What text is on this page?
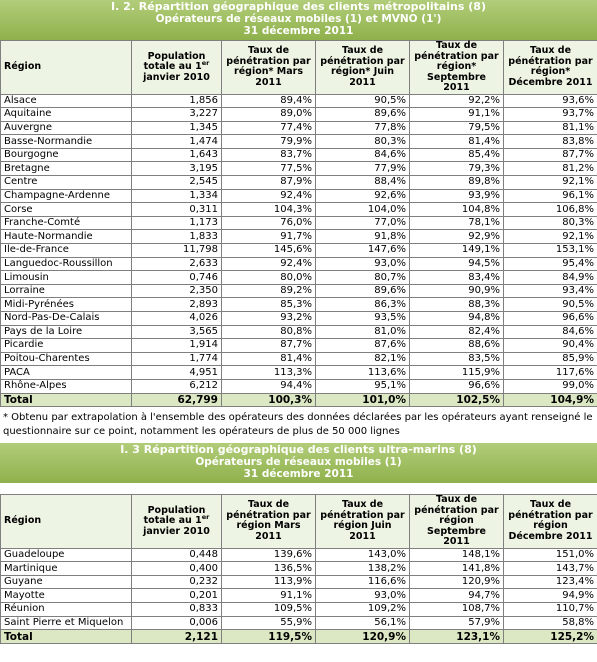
I. 2. Répartition géographique des clients métropolitains (8)
Opérateurs de réseaux mobiles (1) et MVNO (1')
31 décembre 2011
Région	Population totale au 1er janvier 2010	Taux de pénétration par région* Mars 2011	Taux de pénétration par région* Juin 2011	Taux de pénétration par région* Septembre 2011	Taux de pénétration par région* Décembre 2011
Alsace	1,856	89,4%	90,5%	92,2%	93,6%
Aquitaine	3,227	89,0%	89,6%	91,1%	93,7%
Auvergne	1,345	77,4%	77,8%	79,5%	81,1%
Basse-Normandie	1,474	79,9%	80,3%	81,4%	83,8%
Bourgogne	1,643	83,7%	84,6%	85,4%	87,7%
Bretagne	3,195	77,5%	77,9%	79,3%	81,2%
Centre	2,545	87,9%	88,4%	89,8%	92,1%
Champagne-Ardenne	1,334	92,4%	92,6%	93,9%	96,1%
Corse	0,311	104,3%	104,0%	104,8%	106,8%
Franche-Comté	1,173	76,0%	77,0%	78,1%	80,3%
Haute-Normandie	1,833	91,7%	91,8%	92,9%	92,1%
Ile-de-France	11,798	145,6%	147,6%	149,1%	153,1%
Languedoc-Roussillon	2,633	92,4%	93,0%	94,5%	95,4%
Limousin	0,746	80,0%	80,7%	83,4%	84,9%
Lorraine	2,350	89,2%	89,6%	90,9%	93,4%
Midi-Pyrénées	2,893	85,3%	86,3%	88,3%	90,5%
Nord-Pas-De-Calais	4,026	93,2%	93,5%	94,8%	96,6%
Pays de la Loire	3,565	80,8%	81,0%	82,4%	84,6%
Picardie	1,914	87,7%	87,6%	88,6%	90,4%
Poitou-Charentes	1,774	81,4%	82,1%	83,5%	85,9%
PACA	4,951	113,3%	113,6%	115,9%	117,6%
Rhône-Alpes	6,212	94,4%	95,1%	96,6%	99,0%
Total	62,799	100,3%	101,0%	102,5%	104,9%
* Obtenu par extrapolation à l'ensemble des opérateurs des données déclarées par les opérateurs ayant renseigné le questionnaire sur ce point, notamment les opérateurs de plus de 50 000 lignes
I. 3 Répartition géographique des clients ultra-marins (8)
Opérateurs de réseaux mobiles (1)
31 décembre 2011
Région	Population totale au 1er janvier 2010	Taux de pénétration par région Mars 2011	Taux de pénétration par région Juin 2011	Taux de pénétration par région Septembre 2011	Taux de pénétration par région Décembre 2011
Guadeloupe	0,448	139,6%	143,0%	148,1%	151,0%
Martinique	0,400	136,5%	138,2%	141,8%	143,7%
Guyane	0,232	113,9%	116,6%	120,9%	123,4%
Mayotte	0,201	91,1%	93,0%	94,7%	94,9%
Réunion	0,833	109,5%	109,2%	108,7%	110,7%
Saint Pierre et Miquelon	0,006	55,9%	56,1%	57,9%	58,8%
Total	2,121	119,5%	120,9%	123,1%	125,2%
